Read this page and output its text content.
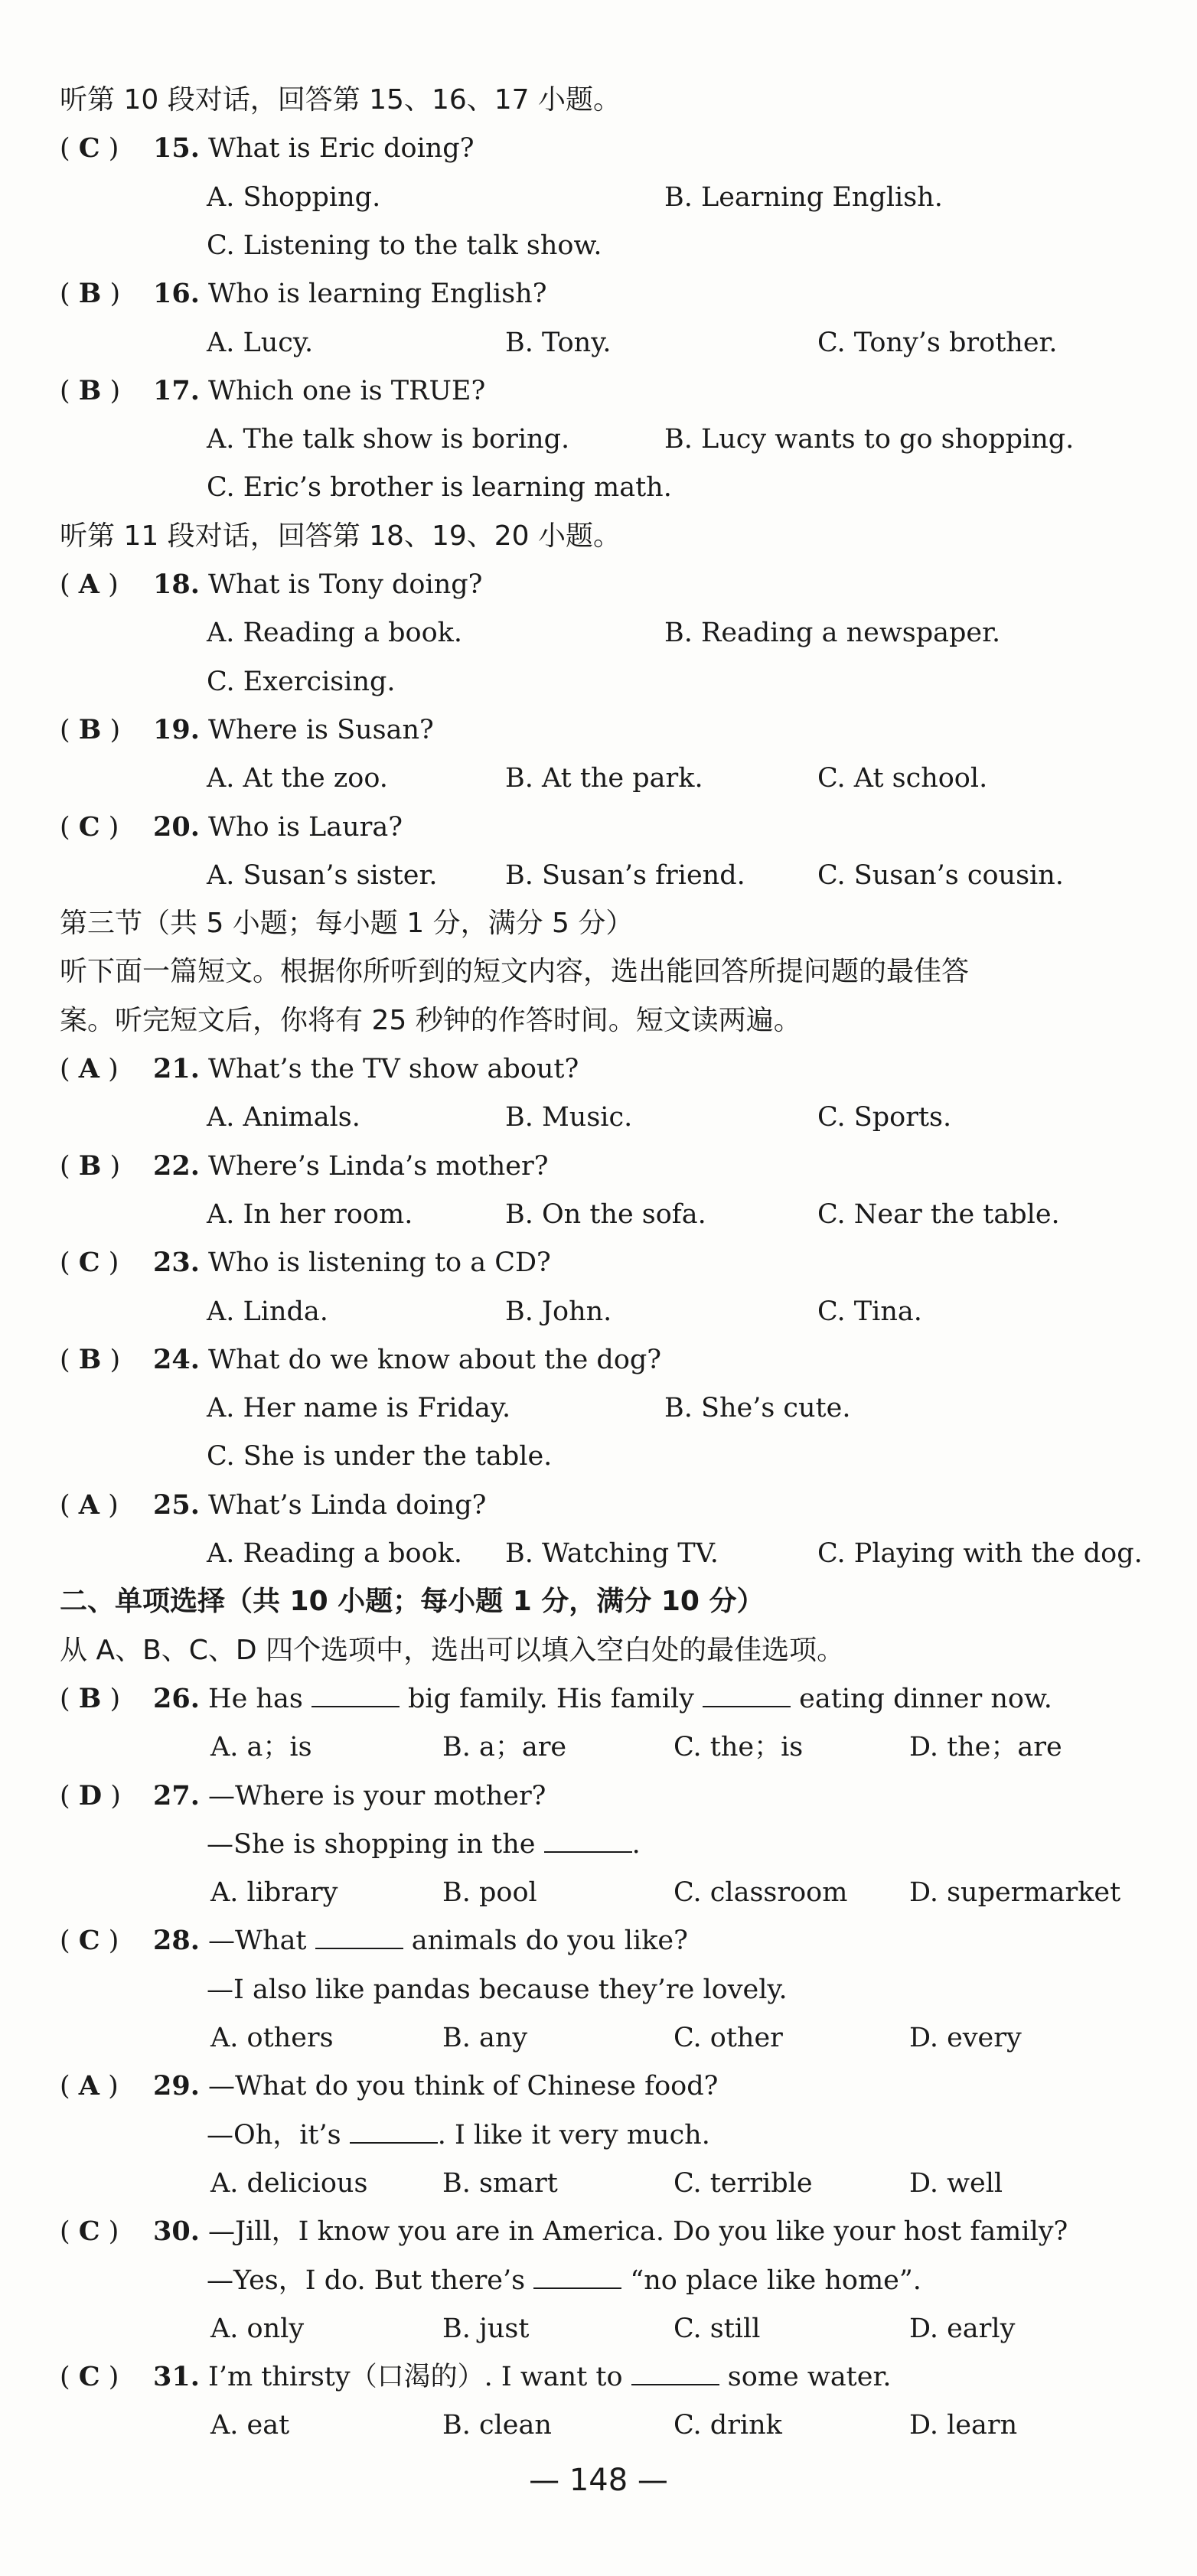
听第 10 段对话，回答第 15、16、17 小题。
( C ) 15. What is Eric doing?
A. Shopping.	B. Learning English.
C. Listening to the talk show.
( B ) 16. Who is learning English?
A. Lucy.	B. Tony.	C. Tony’s brother.
( B ) 17. Which one is TRUE?
A. The talk show is boring.	B. Lucy wants to go shopping.
C. Eric’s brother is learning math.
听第 11 段对话，回答第 18、19、20 小题。
( A ) 18. What is Tony doing?
A. Reading a book.	B. Reading a newspaper.
C. Exercising.
( B ) 19. Where is Susan?
A. At the zoo.	B. At the park.	C. At school.
( C ) 20. Who is Laura?
A. Susan’s sister.	B. Susan’s friend.	C. Susan’s cousin.
第三节（共 5 小题；每小题 1 分，满分 5 分）
听下面一篇短文。根据你所听到的短文内容，选出能回答所提问题的最佳答
案。听完短文后，你将有 25 秒钟的作答时间。短文读两遍。
( A ) 21. What’s the TV show about?
A. Animals.	B. Music.	C. Sports.
( B ) 22. Where’s Linda’s mother?
A. In her room.	B. On the sofa.	C. Near the table.
( C ) 23. Who is listening to a CD?
A. Linda.	B. John.	C. Tina.
( B ) 24. What do we know about the dog?
A. Her name is Friday.	B. She’s cute.
C. She is under the table.
( A ) 25. What’s Linda doing?
A. Reading a book. B. Watching TV.	C. Playing with the dog.
二、单项选择（共 10 小题；每小题 1 分，满分 10 分）
从 A、B、C、D 四个选项中，选出可以填入空白处的最佳选项。
( B ) 26. He has	big family. His family	eating dinner now.
A. a；is	B. a；are	C. the；is	D. the；are
( D ) 27. —Where is your mother?
—She is shopping in the	.
A. library	B. pool	C. classroom D. supermarket
( C ) 28. —What	animals do you like?
—I also like pandas because they’re lovely.
A. others	B. any	C. other	D. every
( A ) 29. —What do you think of Chinese food?
—Oh，it’s	. I like it very much.
A. delicious	B. smart	C. terrible	D. well
( C ) 30. —Jill，I know you are in America. Do you like your host family?
—Yes，I do. But there’s	“no place like home”.
A. only	B. just	C. still	D. early
( C ) 31. I’m thirsty（口渴的）. I want to	some water.
A. eat	B. clean	C. drink	D. learn
— 148 —
